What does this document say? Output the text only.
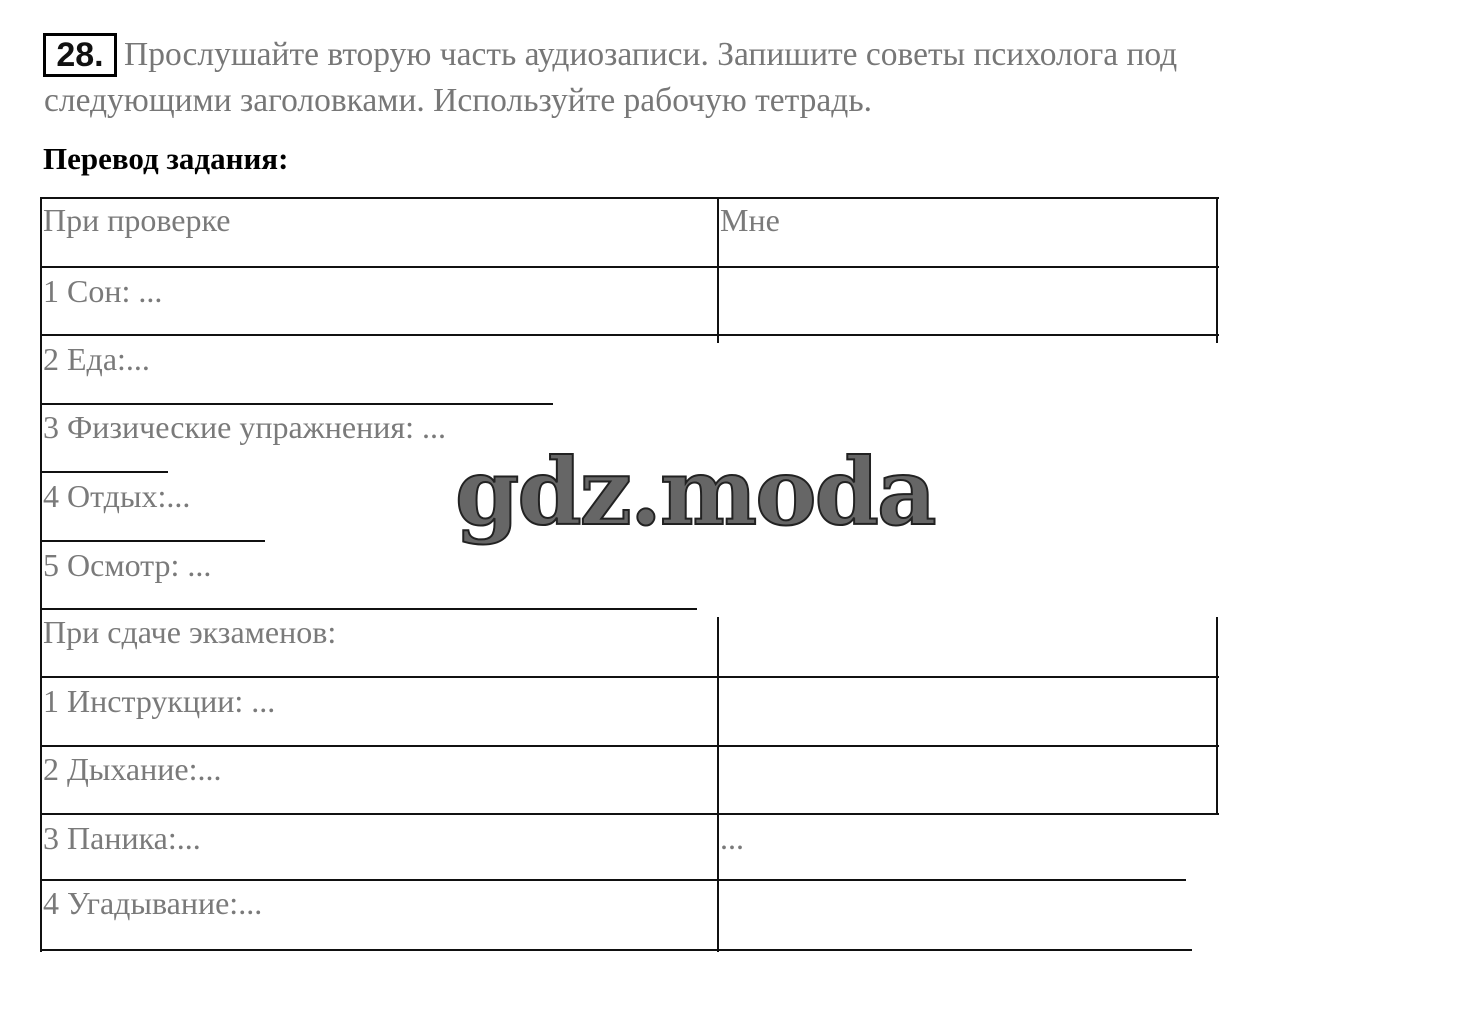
Прослушайте вторую часть аудиозаписи. Запишите советы психолога под следующими заголовками. Используйте рабочую тетрадь.
28.
Перевод задания:
При проверке	Мне
1 Сон: ...
2 Еда:...
3 Физические упражнения: ...
4 Отдых:...
5 Осмотр: ...
При сдаче экзаменов:
1 Инструкции: ...
2 Дыхание:...
3 Паника:...	...
4 Угадывание:...
gdz.moda
